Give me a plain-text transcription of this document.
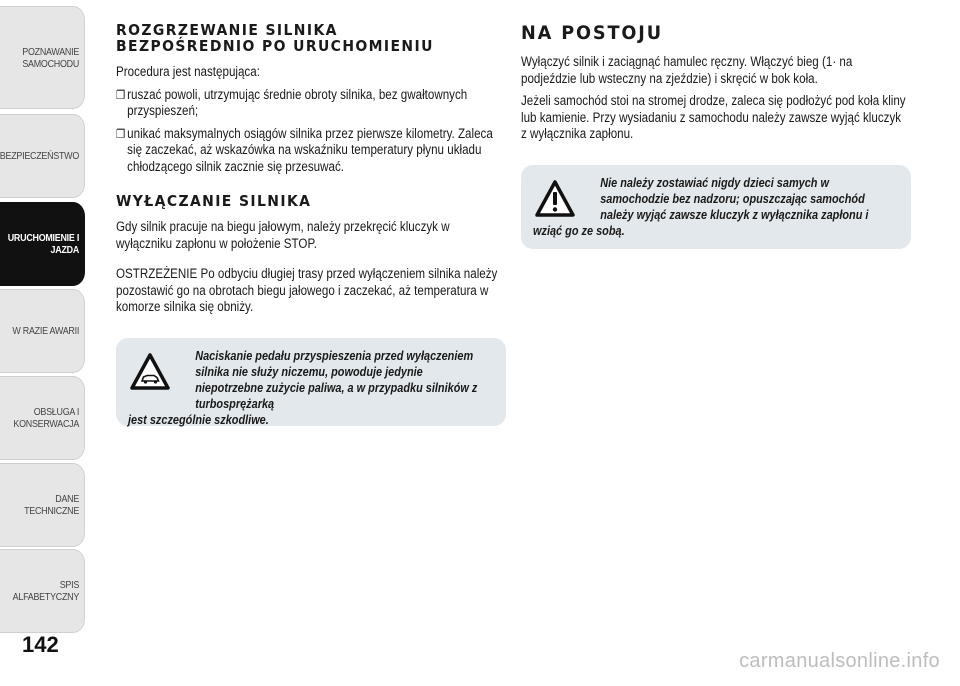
POZNAWANIE
SAMOCHODU
BEZPIECZEŃSTWO
URUCHOMIENIE I
JAZDA
W RAZIE AWARII
OBSŁUGA I
KONSERWACJA
DANE TECHNICZNE
SPIS ALFABETYCZNY
142
ROZGRZEWANIE SILNIKA
BEZPOŚREDNIO PO URUCHOMIENIU
Procedura jest następująca:
❒ ruszać powoli, utrzymując średnie obroty silnika, bez gwałtownych przyspieszeń;
❒ unikać maksymalnych osiągów silnika przez pierwsze kilometry. Zaleca się zaczekać, aż wskazówka na wskaźniku temperatury płynu układu chłodzącego silnik zacznie się przesuwać.
WYŁĄCZANIE SILNIKA
Gdy silnik pracuje na biegu jałowym, należy przekręcić kluczyk w wyłączniku zapłonu w położenie STOP.
OSTRZEŻENIE Po odbyciu długiej trasy przed wyłączeniem silnika należy pozostawić go na obrotach biegu jałowego i zaczekać, aż temperatura w komorze silnika się obniży.
Naciskanie pedału przyspieszenia przed wyłączeniem silnika nie służy niczemu, powoduje jedynie niepotrzebne zużycie paliwa, a w przypadku silników z turbosprężarką
jest szczególnie szkodliwe.
NA POSTOJU
Wyłączyć silnik i zaciągnąć hamulec ręczny. Włączyć bieg (1· na podjeździe lub wsteczny na zjeździe) i skręcić w bok koła.
Jeżeli samochód stoi na stromej drodze, zaleca się podłożyć pod koła kliny lub kamienie. Przy wysiadaniu z samochodu należy zawsze wyjąć kluczyk z wyłącznika zapłonu.
Nie należy zostawiać nigdy dzieci samych w samochodzie bez nadzoru; opuszczając samochód należy wyjąć zawsze kluczyk z wyłącznika zapłonu i
wziąć go ze sobą.
carmanualsonline.info
